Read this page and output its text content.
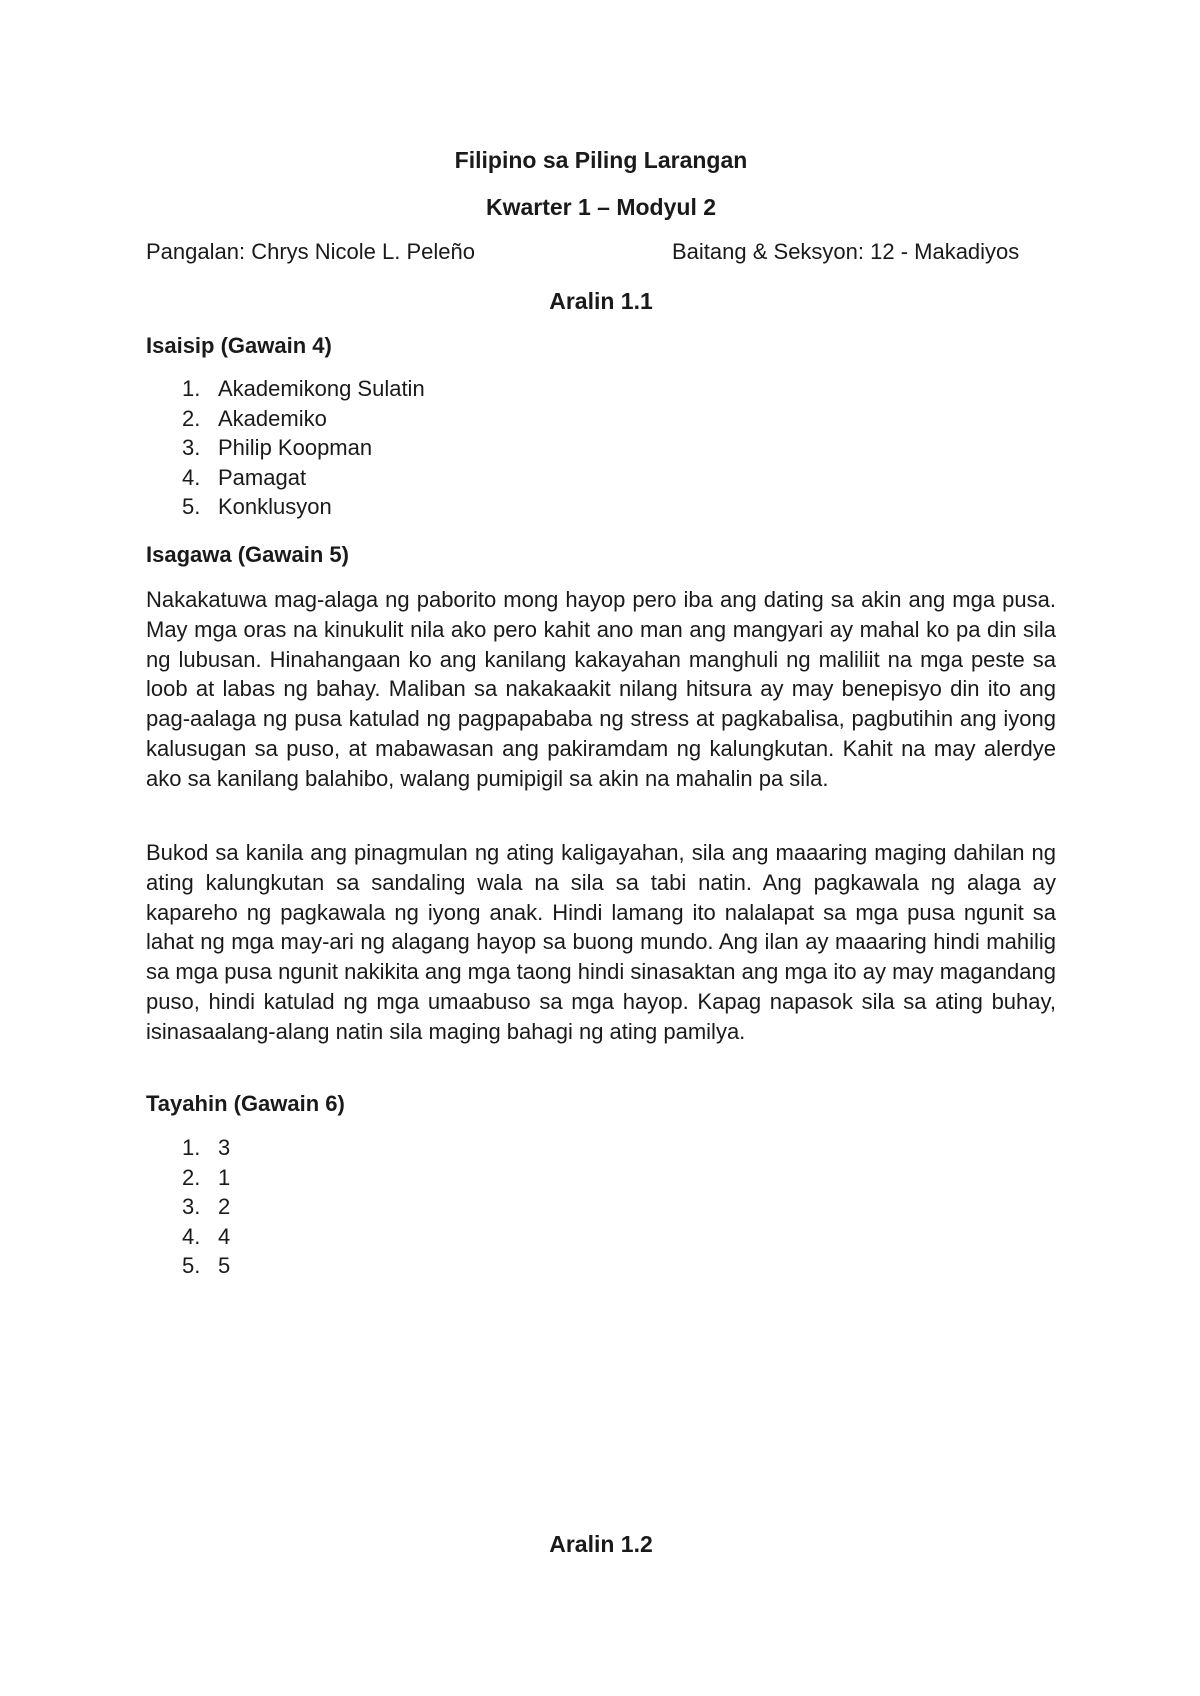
Filipino sa Piling Larangan
Kwarter 1 – Modyul 2
Pangalan: Chrys Nicole L. Peleño	Baitang & Seksyon: 12 - Makadiyos
Aralin 1.1
Isaisip (Gawain 4)
1. Akademikong Sulatin
2. Akademiko
3. Philip Koopman
4. Pamagat
5. Konklusyon
Isagawa (Gawain 5)

Nakakatuwa mag-alaga ng paborito mong hayop pero iba ang dating sa akin ang mga pusa. May mga oras na kinukulit nila ako pero kahit ano man ang mangyari ay mahal ko pa din sila ng lubusan. Hinahangaan ko ang kanilang kakayahan manghuli ng maliliit na mga peste sa loob at labas ng bahay. Maliban sa nakakaakit nilang hitsura ay may benepisyo din ito ang pag-aalaga ng pusa katulad ng pagpapababa ng stress at pagkabalisa, pagbutihin ang iyong kalusugan sa puso, at mabawasan ang pakiramdam ng kalungkutan. Kahit na may alerdye ako sa kanilang balahibo, walang pumipigil sa akin na mahalin pa sila.

Bukod sa kanila ang pinagmulan ng ating kaligayahan, sila ang maaaring maging dahilan ng ating kalungkutan sa sandaling wala na sila sa tabi natin. Ang pagkawala ng alaga ay kapareho ng pagkawala ng iyong anak. Hindi lamang ito nalalapat sa mga pusa ngunit sa lahat ng mga may-ari ng alagang hayop sa buong mundo. Ang ilan ay maaaring hindi mahilig sa mga pusa ngunit nakikita ang mga taong hindi sinasaktan ang mga ito ay may magandang puso, hindi katulad ng mga umaabuso sa mga hayop. Kapag napasok sila sa ating buhay, isinasaalang-alang natin sila maging bahagi ng ating pamilya.

Tayahin (Gawain 6)
1. 3
2. 1
3. 2
4. 4
5. 5
Aralin 1.2
